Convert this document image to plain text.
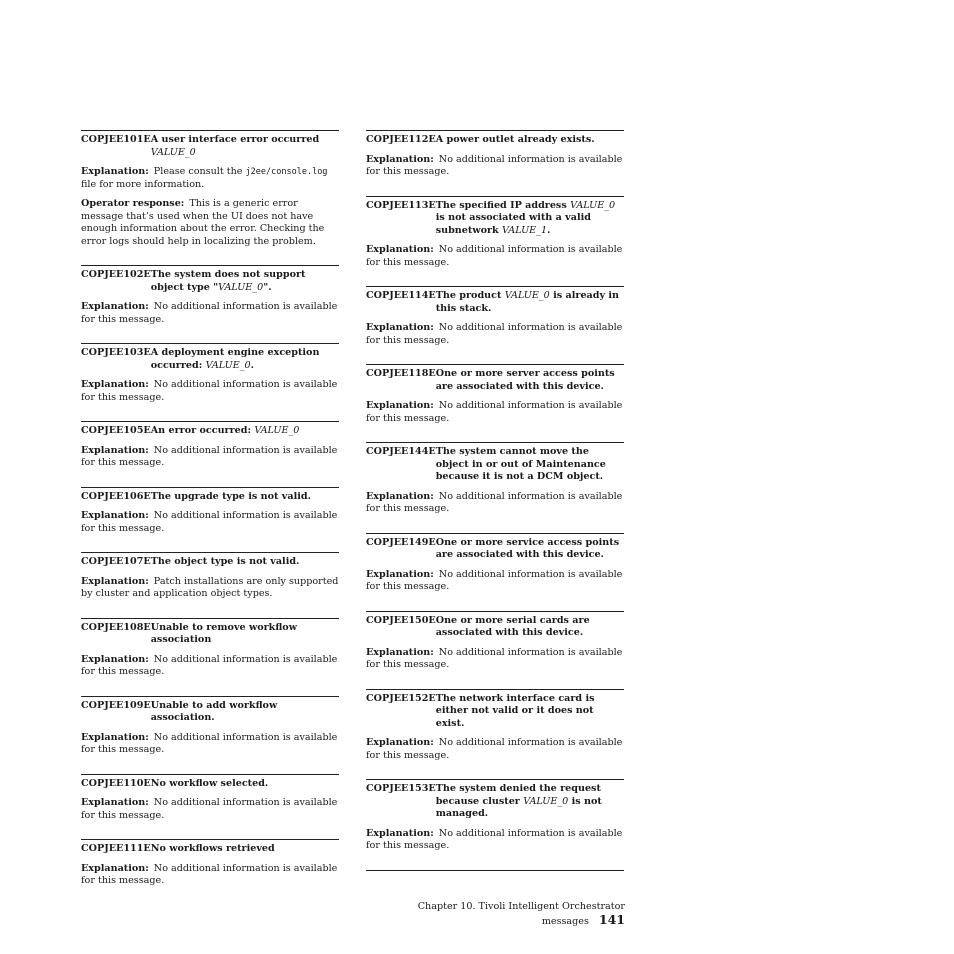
COPJEE101E A user interface error occurred VALUE_0
Explanation: Please consult the j2ee/console.log file for more information.
Operator response: This is a generic error message that’s used when the UI does not have enough information about the error. Checking the error logs should help in localizing the problem.
COPJEE102E The system does not support object type "VALUE_0".
Explanation: No additional information is available for this message.
COPJEE103E A deployment engine exception occurred: VALUE_0.
Explanation: No additional information is available for this message.
COPJEE105E An error occurred: VALUE_0
Explanation: No additional information is available for this message.
COPJEE106E The upgrade type is not valid.
Explanation: No additional information is available for this message.
COPJEE107E The object type is not valid.
Explanation: Patch installations are only supported by cluster and application object types.
COPJEE108E Unable to remove workflow association
Explanation: No additional information is available for this message.
COPJEE109E Unable to add workflow association.
Explanation: No additional information is available for this message.
COPJEE110E No workflow selected.
Explanation: No additional information is available for this message.
COPJEE111E No workflows retrieved
Explanation: No additional information is available for this message.
COPJEE112E A power outlet already exists.
Explanation: No additional information is available for this message.
COPJEE113E The specified IP address VALUE_0 is not associated with a valid subnetwork VALUE_1.
Explanation: No additional information is available for this message.
COPJEE114E The product VALUE_0 is already in this stack.
Explanation: No additional information is available for this message.
COPJEE118E One or more server access points are associated with this device.
Explanation: No additional information is available for this message.
COPJEE144E The system cannot move the object in or out of Maintenance because it is not a DCM object.
Explanation: No additional information is available for this message.
COPJEE149E One or more service access points are associated with this device.
Explanation: No additional information is available for this message.
COPJEE150E One or more serial cards are associated with this device.
Explanation: No additional information is available for this message.
COPJEE152E The network interface card is either not valid or it does not exist.
Explanation: No additional information is available for this message.
COPJEE153E The system denied the request because cluster VALUE_0 is not managed.
Explanation: No additional information is available for this message.
Chapter 10. Tivoli Intelligent Orchestrator messages 141
